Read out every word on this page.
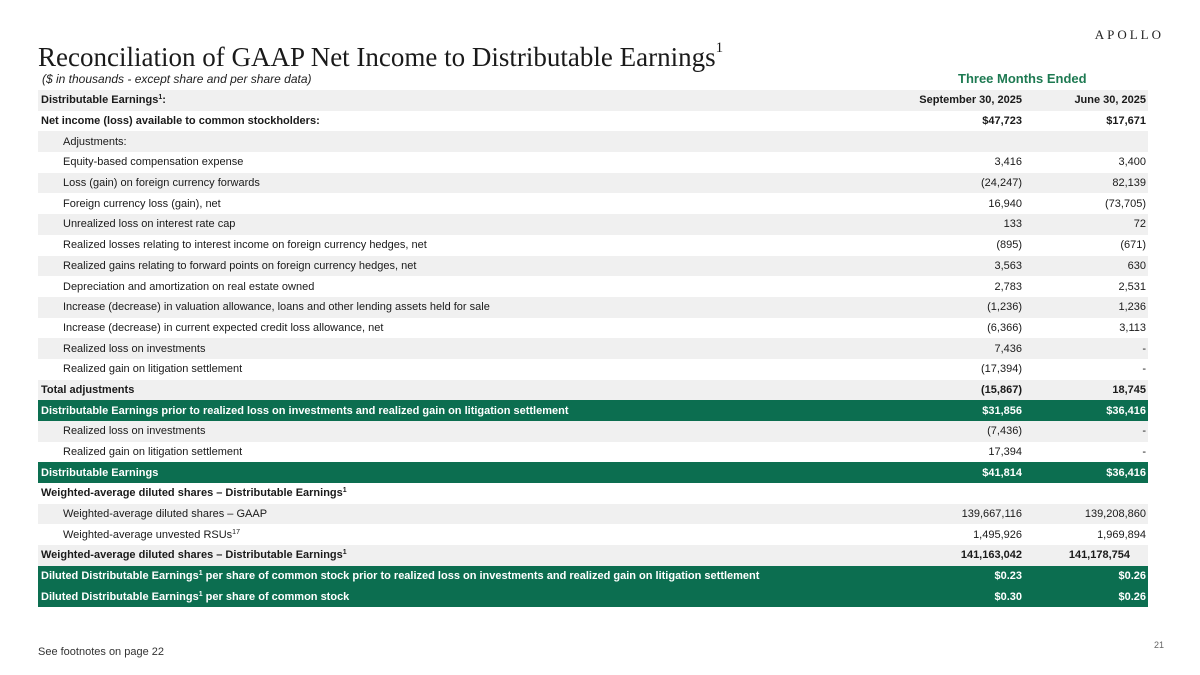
APOLLO
Reconciliation of GAAP Net Income to Distributable Earnings$^1$
($ in thousands - except share and per share data)	Three Months Ended
Distributable Earnings$^1$:	September 30, 2025	June 30, 2025
Net income (loss) available to common stockholders:	$47,723	$17,671
Adjustments:		
Equity-based compensation expense	3,416	3,400
Loss (gain) on foreign currency forwards	(24,247)	82,139
Foreign currency loss (gain), net	16,940	(73,705)
Unrealized loss on interest rate cap	133	72
Realized losses relating to interest income on foreign currency hedges, net	(895)	(671)
Realized gains relating to forward points on foreign currency hedges, net	3,563	630
Depreciation and amortization on real estate owned	2,783	2,531
Increase (decrease) in valuation allowance, loans and other lending assets held for sale	(1,236)	1,236
Increase (decrease) in current expected credit loss allowance, net	(6,366)	3,113
Realized loss on investments	7,436	-
Realized gain on litigation settlement	(17,394)	-
Total adjustments	(15,867)	18,745
Distributable Earnings prior to realized loss on investments and realized gain on litigation settlement	$31,856	$36,416
Realized loss on investments	(7,436)	-
Realized gain on litigation settlement	17,394	-
Distributable Earnings	$41,814	$36,416
Weighted-average diluted shares – Distributable Earnings$^1$		
Weighted-average diluted shares – GAAP	139,667,116	139,208,860
Weighted-average unvested RSUs$^{17}$	1,495,926	1,969,894
Weighted-average diluted shares – Distributable Earnings$^1$	141,163,042	141,178,754
Diluted Distributable Earnings$^1$ per share of common stock prior to realized loss on investments and realized gain on litigation settlement	$0.23	$0.26
Diluted Distributable Earnings$^1$ per share of common stock	$0.30	$0.26
See footnotes on page 22
21
